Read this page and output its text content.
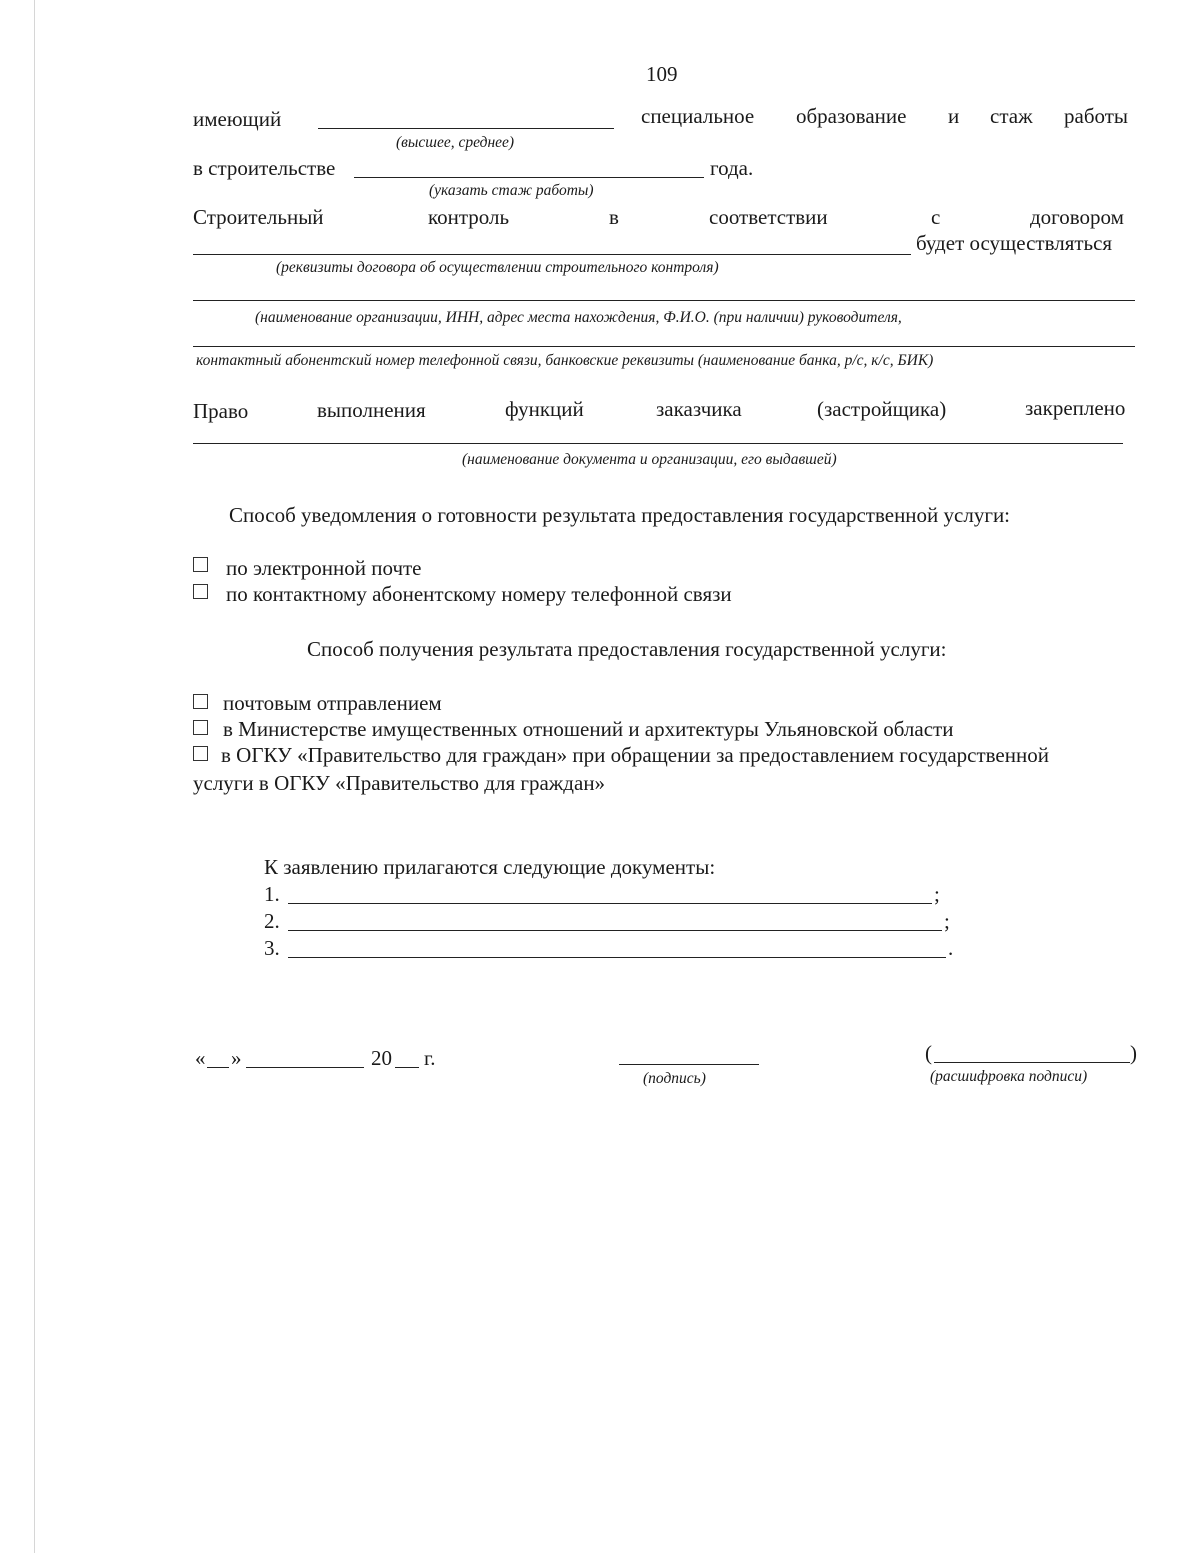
109
имеющий	специальное образование и стаж работы
(высшее, среднее)
в строительстве	года.
(указать стаж работы)
Строительный	контроль	в	соответствии	с	договором
будет осуществляться
(реквизиты договора об осуществлении строительного контроля)
(наименование организации, ИНН, адрес места нахождения, Ф.И.О. (при наличии) руководителя,
контактный абонентский номер телефонной связи, банковские реквизиты (наименование банка, р/с, к/с, БИК)
Право	выполнения	функций	заказчика	(застройщика)	закреплено
(наименование документа и организации, его выдавшей)
Способ уведомления о готовности результата предоставления государственной услуги:
по электронной почте
по контактному абонентскому номеру телефонной связи
Способ получения результата предоставления государственной услуги:
почтовым отправлением
в Министерстве имущественных отношений и архитектуры Ульяновской области
в ОГКУ «Правительство для граждан» при обращении за предоставлением государственной
услуги в ОГКУ «Правительство для граждан»
К заявлению прилагаются следующие документы:
1.	;
2.	;
3.	.
« »	20 г.
(подпись)
(	)
(расшифровка подписи)
